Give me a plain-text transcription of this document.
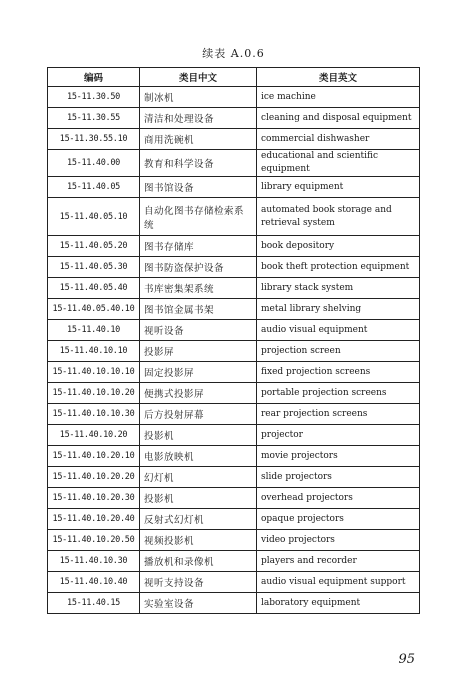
续表 A.0.6
编码	类目中文	类目英文
15-11.30.50	制冰机	ice machine
15-11.30.55	清洁和处理设备	cleaning and disposal equipment
15-11.30.55.10	商用洗碗机	commercial dishwasher
15-11.40.00	教育和科学设备	educational and scientific equipment
15-11.40.05	图书馆设备	library equipment
15-11.40.05.10	自动化图书存储检索系统	automated book storage and retrieval system
15-11.40.05.20	图书存储库	book depository
15-11.40.05.30	图书防盗保护设备	book theft protection equipment
15-11.40.05.40	书库密集架系统	library stack system
15-11.40.05.40.10	图书馆金属书架	metal library shelving
15-11.40.10	视听设备	audio visual equipment
15-11.40.10.10	投影屏	projection screen
15-11.40.10.10.10	固定投影屏	fixed projection screens
15-11.40.10.10.20	便携式投影屏	portable projection screens
15-11.40.10.10.30	后方投射屏幕	rear projection screens
15-11.40.10.20	投影机	projector
15-11.40.10.20.10	电影放映机	movie projectors
15-11.40.10.20.20	幻灯机	slide projectors
15-11.40.10.20.30	投影机	overhead projectors
15-11.40.10.20.40	反射式幻灯机	opaque projectors
15-11.40.10.20.50	视频投影机	video projectors
15-11.40.10.30	播放机和录像机	players and recorder
15-11.40.10.40	视听支持设备	audio visual equipment support
15-11.40.15	实验室设备	laboratory equipment
95
